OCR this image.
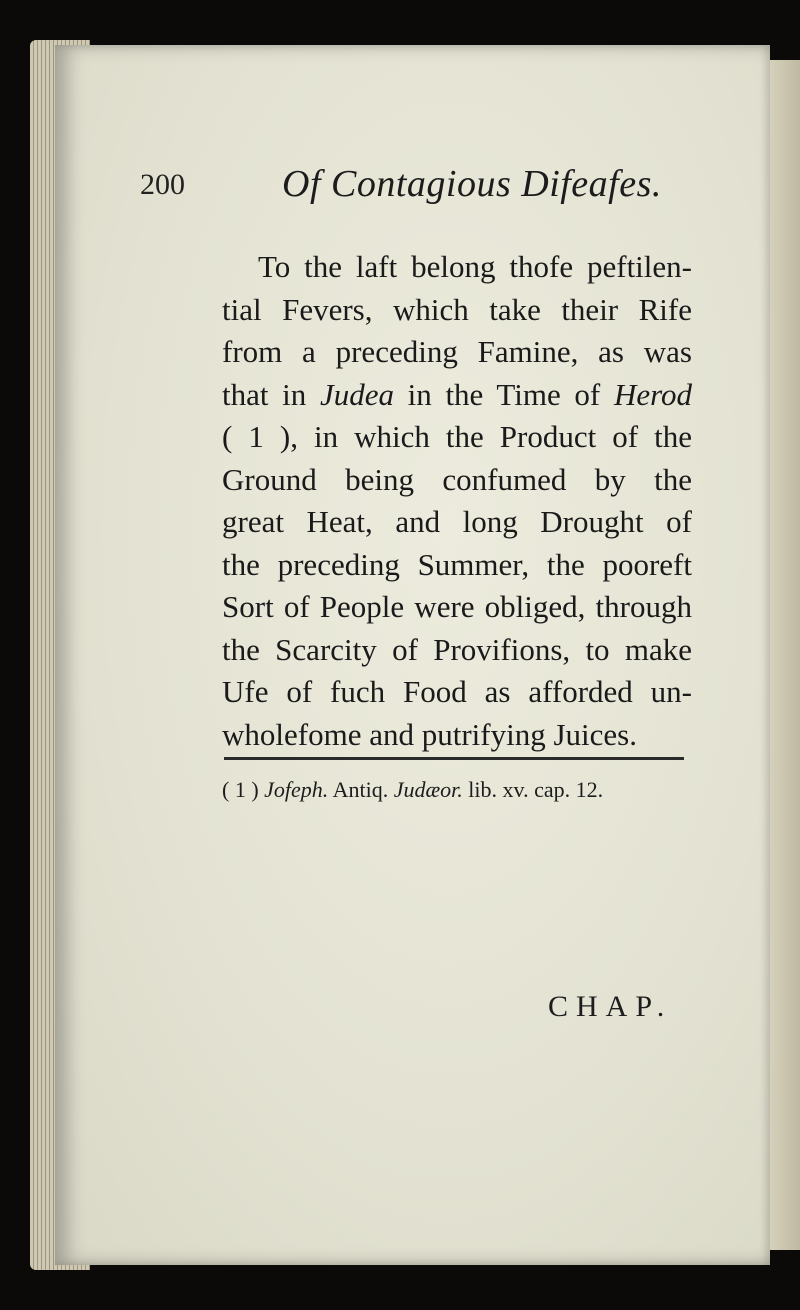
200	Of Contagious Difeafes.
To the laft belong thofe peftilen-
tial Fevers, which take their Rife
from a preceding Famine, as was
that in Judea in the Time of Herod
( 1 ), in which the Product of the
Ground being confumed by the
great Heat, and long Drought of
the preceding Summer, the pooreft
Sort of People were obliged, through
the Scarcity of Provifions, to make
Ufe of fuch Food as afforded un-
wholefome and putrifying Juices.
( 1 ) Jofeph. Antiq. Judæor. lib. xv. cap. 12.
CHAP.
